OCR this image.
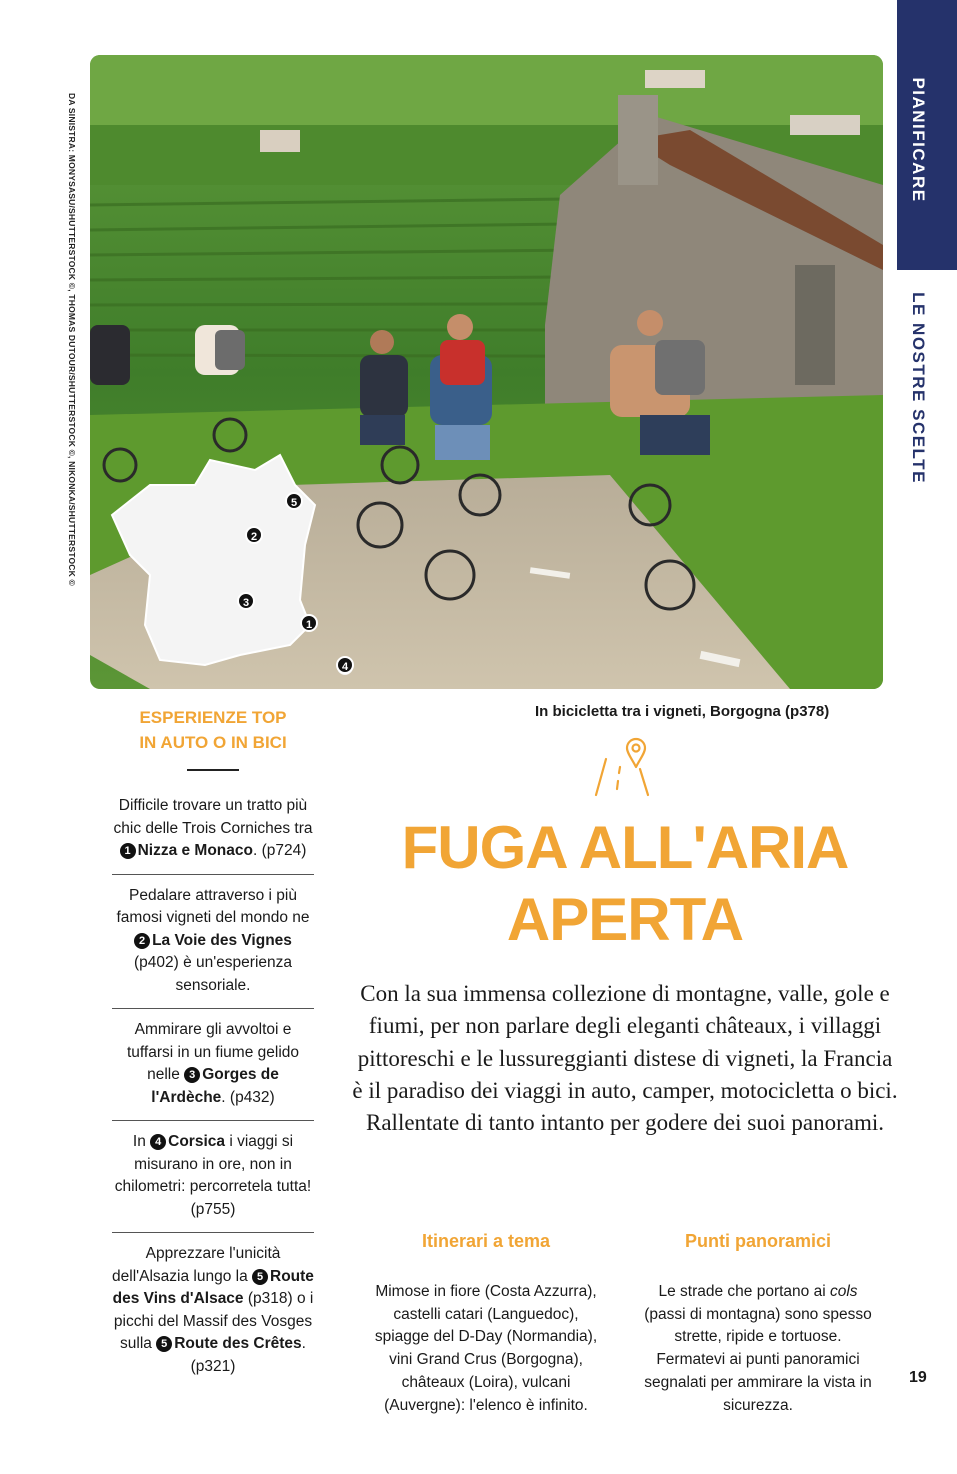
PIANIFICARE
LE NOSTRE SCELTE
DA SINISTRA: MONYSASU/SHUTTERSTOCK ©, THOMAS DUTOUR/SHUTTERSTOCK ©, NIKONKA/SHUTTERSTOCK ©	5
2
3
1
4
In bicicletta tra i vigneti, Borgogna (p378)
ESPERIENZE TOP
IN AUTO O IN BICI
Difficile trovare un tratto più chic delle Trois Corniches tra 1 Nizza e Monaco. (p724)
Pedalare attraverso i più famosi vigneti del mondo ne 2 La Voie des Vignes (p402) è un'esperienza sensoriale.
Ammirare gli avvoltoi e tuffarsi in un fiume gelido nelle 3 Gorges de l'Ardèche. (p432)
In 4 Corsica i viaggi si misurano in ore, non in chilometri: percorretela tutta! (p755)
Apprezzare l'unicità dell'Alsazia lungo la 5 Route des Vins d'Alsace (p318) o i picchi del Massif des Vosges sulla 5 Route des Crêtes. (p321)
FUGA ALL'ARIA
APERTA
Con la sua immensa collezione di montagne, valle, gole e fiumi, per non parlare degli eleganti châteaux, i villaggi pittoreschi e le lussureggianti distese di vigneti, la Francia è il paradiso dei viaggi in auto, camper, motocicletta o bici. Rallentate di tanto intanto per godere dei suoi panorami.
Itinerari a tema
Mimose in fiore (Costa Azzurra), castelli catari (Languedoc), spiagge del D-Day (Normandia), vini Grand Crus (Borgogna), châteaux (Loira), vulcani (Auvergne): l'elenco è infinito.
Punti panoramici
Le strade che portano ai cols (passi di montagna) sono spesso strette, ripide e tortuose. Fermatevi ai punti panoramici segnalati per ammirare la vista in sicurezza.
19
